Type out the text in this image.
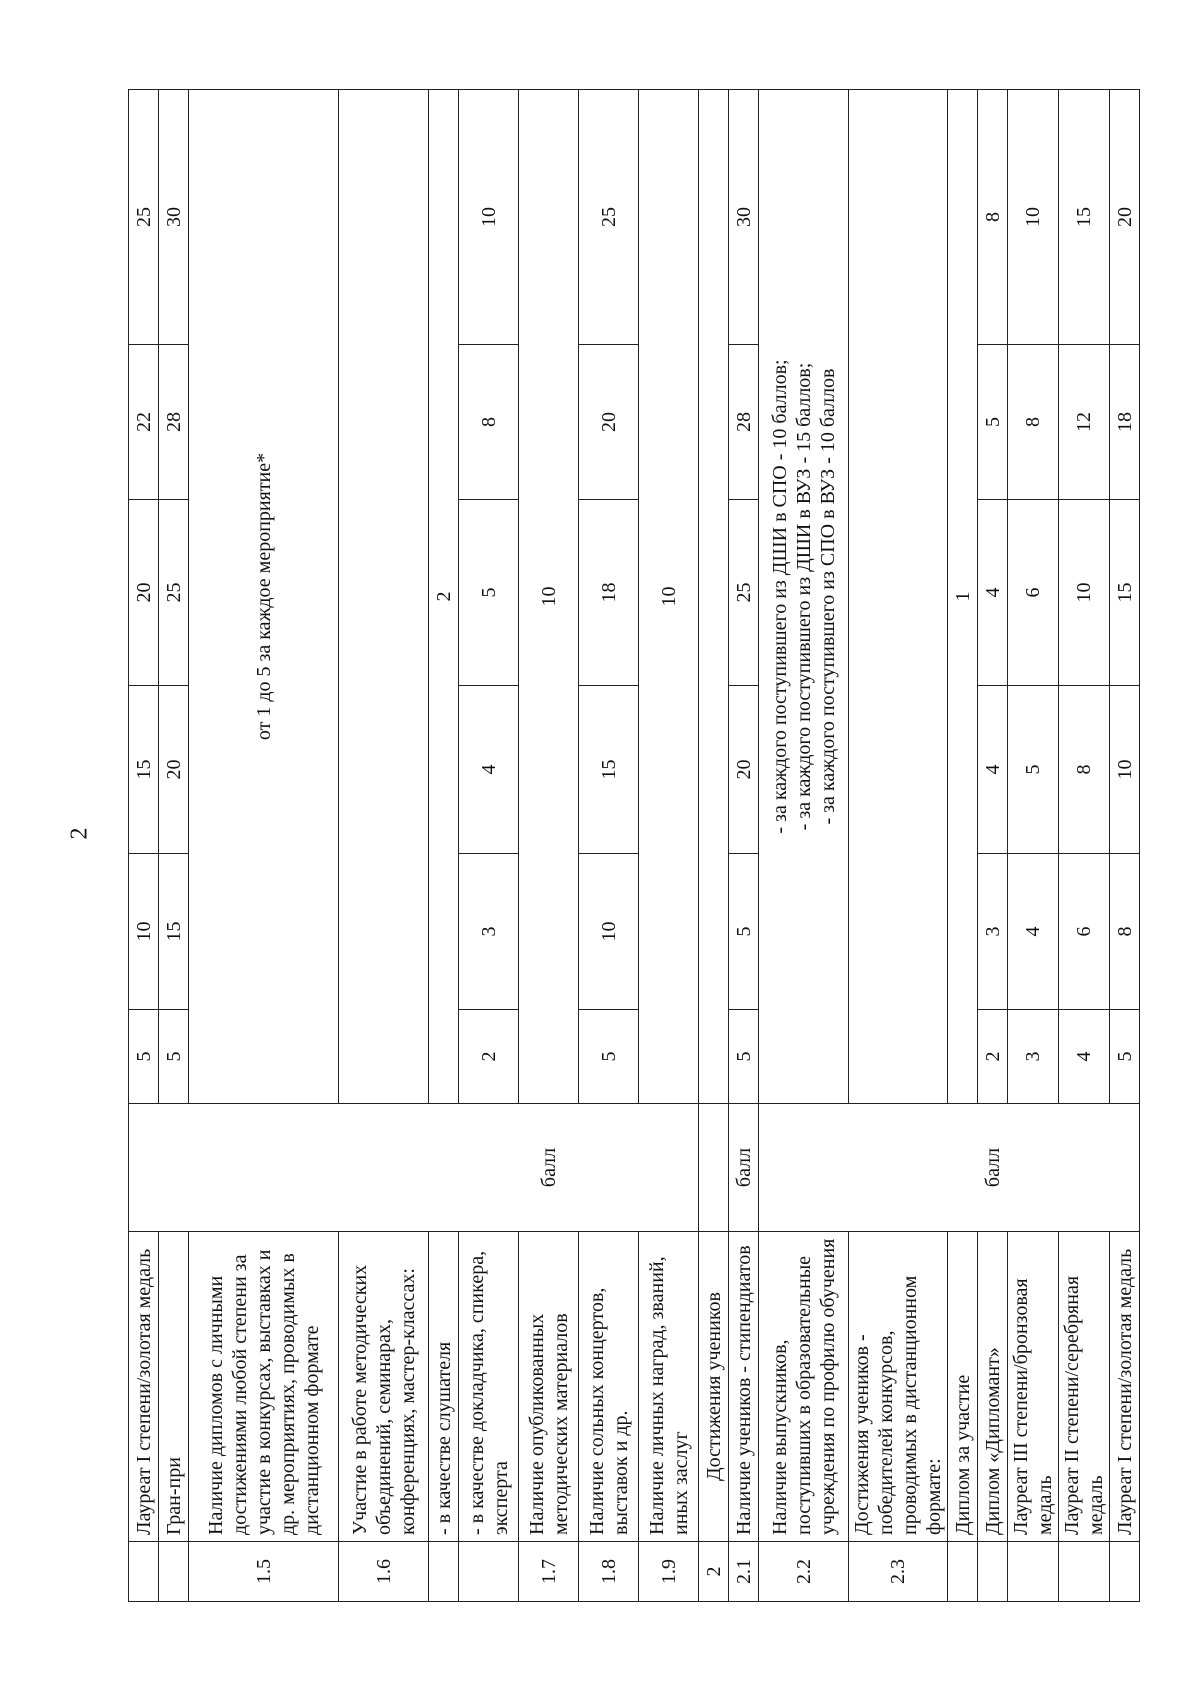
2
	Лауреат I степени/золотая медаль		5	10	15	20	22	25
	Гран-при		5	15	20	25	28	30
1.5	Наличие дипломов с личными достижениями любой степени за участие в конкурсах, выставках и др. мероприятиях, проводимых в дистанционном формате		от 1 до 5 за каждое мероприятие*					
1.6	Участие в работе методических объединений, семинарах, конференциях, мастер-классах:							
	- в качестве слушателя		2					
	- в качестве докладчика, спикера, эксперта		2	3	4	5	8	10
1.7	Наличие опубликованных методических материалов	балл	10					
1.8	Наличие сольных концертов, выставок и др.		5	10	15	18	20	25
1.9	Наличие личных наград, званий, иных заслуг		10					
2	Достижения учеников							
2.1	Наличие учеников - стипендиатов	балл	5	5	20	25	28	30
2.2	Наличие выпускников, поступивших в образовательные учреждения по профилю обучения		- за каждого поступившего из ДШИ в СПО - 10 баллов; - за каждого поступившего из ДШИ в ВУЗ - 15 баллов; - за каждого поступившего из СПО в ВУЗ - 10 баллов					

2.3	Достижения учеников - победителей конкурсов, проводимых в дистанционном формате:							
	Диплом за участие		1					
	Диплом «Дипломант»	балл	2	3	4	4	5	8
	Лауреат III степени/бронзовая медаль		3	4	5	6	8	10
	Лауреат II степени/серебряная медаль		4	6	8	10	12	15
	Лауреат I степени/золотая медаль		5	8	10	15	18	20
